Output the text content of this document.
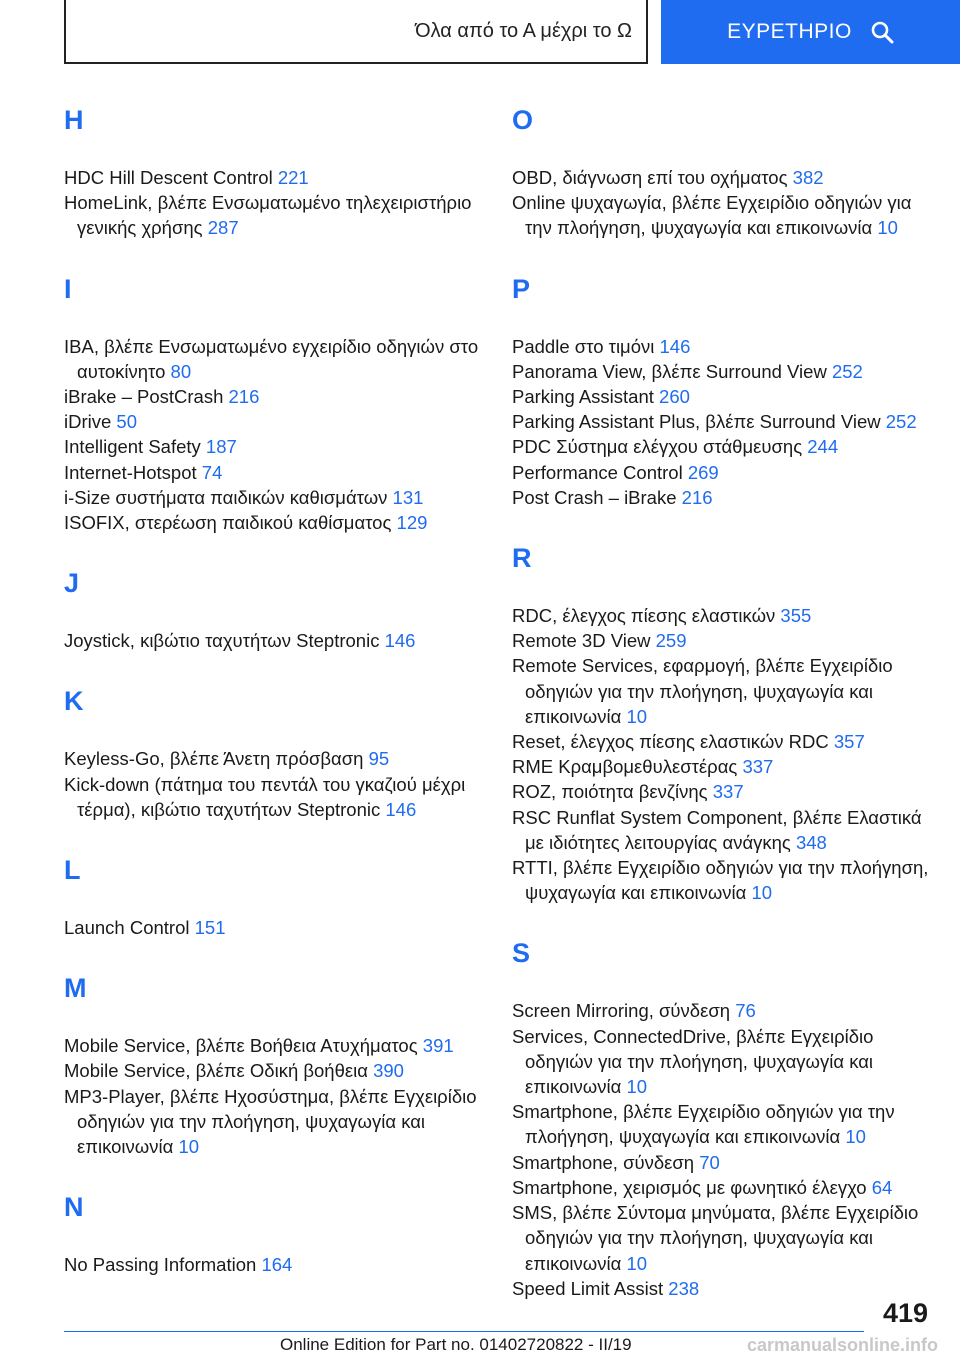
Όλα από το Α μέχρι το Ω	ΕΥΡΕΤΗΡΙΟ
H
HDC Hill Descent Control 221
HomeLink, βλέπε Ενσωματωμένο τηλεχειριστήριο γενικής χρήσης 287
I
IBA, βλέπε Ενσωματωμένο εγχειρίδιο οδηγιών στο αυτοκίνητο 80
iBrake – PostCrash 216
iDrive 50
Intelligent Safety 187
Internet-Hotspot 74
i-Size συστήματα παιδικών καθισμάτων 131
ISOFIX, στερέωση παιδικού καθίσματος 129
J
Joystick, κιβώτιο ταχυτήτων Steptronic 146
K
Keyless-Go, βλέπε Άνετη πρόσβαση 95
Kick-down (πάτημα του πεντάλ του γκαζιού μέχρι τέρμα), κιβώτιο ταχυτήτων Steptronic 146
L
Launch Control 151
M
Mobile Service, βλέπε Βοήθεια Ατυχήματος 391
Mobile Service, βλέπε Οδική βοήθεια 390
MP3-Player, βλέπε Ηχοσύστημα, βλέπε Εγχειρίδιο οδηγιών για την πλοήγηση, ψυχαγωγία και επικοινωνία 10
N
No Passing Information 164
O
OBD, διάγνωση επί του οχήματος 382
Online ψυχαγωγία, βλέπε Εγχειρίδιο οδηγιών για την πλοήγηση, ψυχαγωγία και επικοινωνία 10
P
Paddle στο τιμόνι 146
Panorama View, βλέπε Surround View 252
Parking Assistant 260
Parking Assistant Plus, βλέπε Surround View 252
PDC Σύστημα ελέγχου στάθμευσης 244
Performance Control 269
Post Crash – iBrake 216
R
RDC, έλεγχος πίεσης ελαστικών 355
Remote 3D View 259
Remote Services, εφαρμογή, βλέπε Εγχειρίδιο οδηγιών για την πλοήγηση, ψυχαγωγία και επικοινωνία 10
Reset, έλεγχος πίεσης ελαστικών RDC 357
RME Κραμβομεθυλεστέρας 337
ROZ, ποιότητα βενζίνης 337
RSC Runflat System Component, βλέπε Ελαστικά με ιδιότητες λειτουργίας ανάγκης 348
RTTI, βλέπε Εγχειρίδιο οδηγιών για την πλοήγηση, ψυχαγωγία και επικοινωνία 10
S
Screen Mirroring, σύνδεση 76
Services, ConnectedDrive, βλέπε Εγχειρίδιο οδηγιών για την πλοήγηση, ψυχαγωγία και επικοινωνία 10
Smartphone, βλέπε Εγχειρίδιο οδηγιών για την πλοήγηση, ψυχαγωγία και επικοινωνία 10
Smartphone, σύνδεση 70
Smartphone, χειρισμός με φωνητικό έλεγχο 64
SMS, βλέπε Σύντομα μηνύματα, βλέπε Εγχειρίδιο οδηγιών για την πλοήγηση, ψυχαγωγία και επικοινωνία 10
Speed Limit Assist 238
419
Online Edition for Part no. 01402720822 - II/19	carmanualsonline.info
